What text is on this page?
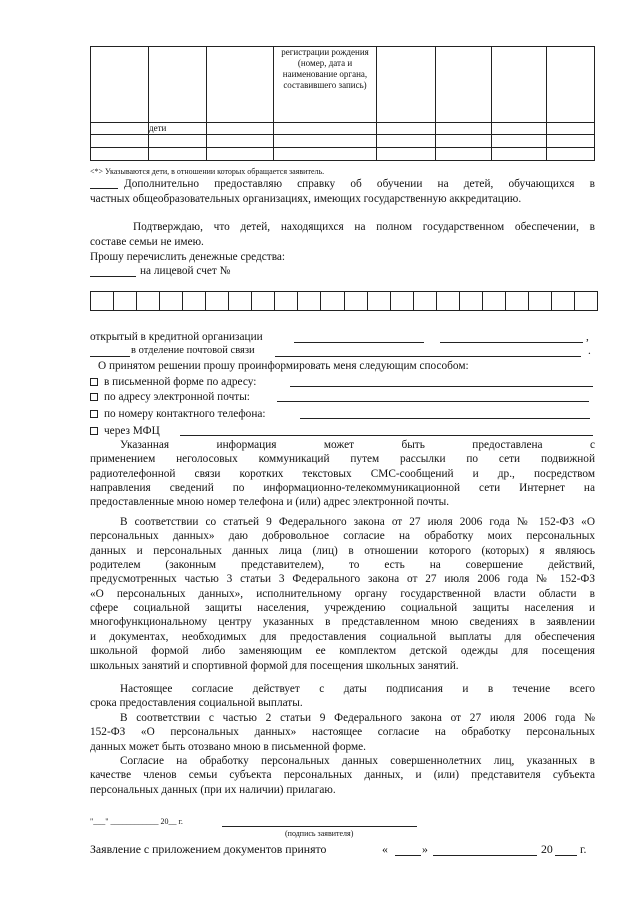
			регистрации рождения (номер, дата и наименование органа, составившего запись)				
	дети						

<*> Указываются дети, в отношении которых обращается заявитель.
Дополнительно предоставляю справку об обучении на детей, обучающихся в
частных общеобразовательных организациях, имеющих государственную аккредитацию.
Подтверждаю, что детей, находящихся на полном государственном обеспечении, в
составе семьи не имею.
Прошу перечислить денежные средства:
на лицевой счет №
открытый в кредитной организации	,
в отделение почтовой связи	.
О принятом решении прошу проинформировать меня следующим способом:
в письменной форме по адресу:
по адресу электронной почты:
по номеру контактного телефона:
через МФЦ
Указанная информация может быть предоставлена с
применением неголосовых коммуникаций путем рассылки по сети подвижной
радиотелефонной связи коротких текстовых СМС-сообщений и др., посредством
направления сведений по информационно-телекоммуникационной сети Интернет на
предоставленные мною номер телефона и (или) адрес электронной почты.
В соответствии со статьей 9 Федерального закона от 27 июля 2006 года № 152-ФЗ «О
персональных данных» даю добровольное согласие на обработку моих персональных
данных и персональных данных лица (лиц) в отношении которого (которых) я являюсь
родителем (законным представителем), то есть на совершение действий,
предусмотренных частью 3 статьи 3 Федерального закона от 27 июля 2006 года № 152-ФЗ
«О персональных данных», исполнительному органу государственной власти области в
сфере социальной защиты населения, учреждению социальной защиты населения и
многофункциональному центру указанных в представленном мною сведениях в заявлении
и документах, необходимых для предоставления социальной выплаты для обеспечения
школьной формой либо заменяющим ее комплектом детской одежды для посещения
школьных занятий и спортивной формой для посещения школьных занятий.
Настоящее согласие действует с даты подписания и в течение всего
срока предоставления социальной выплаты.
В соответствии с частью 2 статьи 9 Федерального закона от 27 июля 2006 года №
152-ФЗ «О персональных данных» настоящее согласие на обработку персональных
данных может быть отозвано мною в письменной форме.
Согласие на обработку персональных данных совершеннолетних лиц, указанных в
качестве членов семьи субъекта персональных данных, и (или) представителя субъекта
персональных данных (при их наличии) прилагаю.
"___" ____________ 20__ г.
(подпись заявителя)
Заявление с приложением документов принято	«	»	20 г.
